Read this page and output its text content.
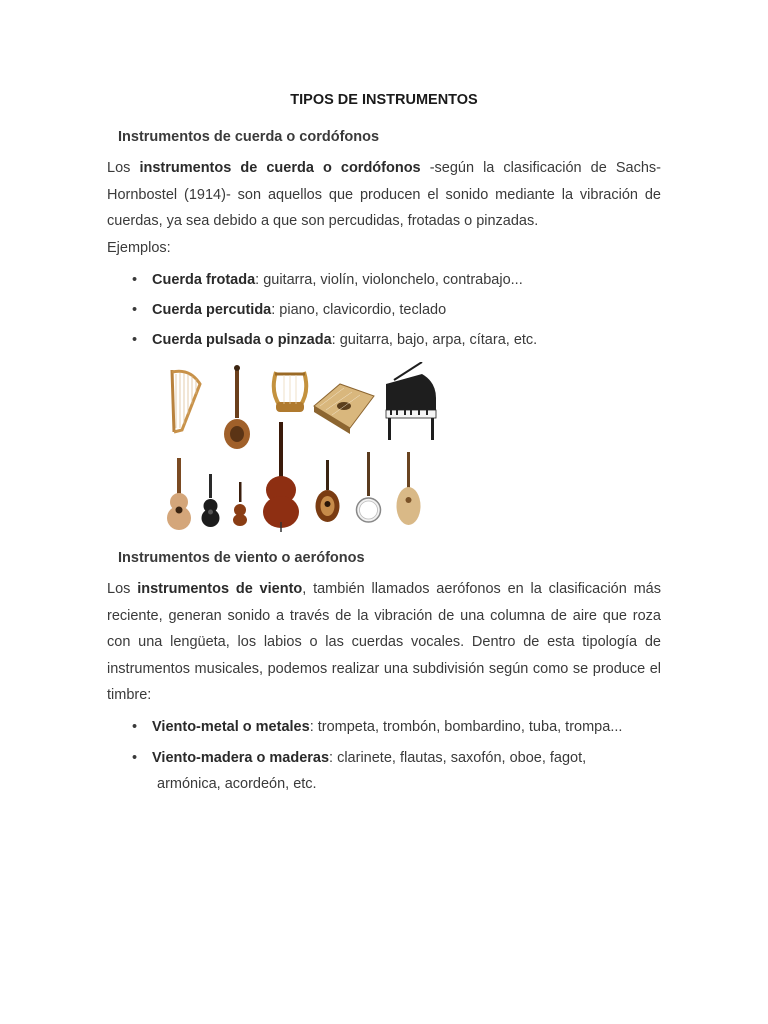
TIPOS DE INSTRUMENTOS
Instrumentos de cuerda o cordófonos

Los instrumentos de cuerda o cordófonos -según la clasificación de Sachs-Hornbostel (1914)- son aquellos que producen el sonido mediante la vibración de cuerdas, ya sea debido a que son percudidas, frotadas o pinzadas.
Ejemplos:

• Cuerda frotada: guitarra, violín, violonchelo, contrabajo...
• Cuerda percutida: piano, clavicordio, teclado
• Cuerda pulsada o pinzada: guitarra, bajo, arpa, cítara, etc.
Instrumentos de viento o aerófonos

Los instrumentos de viento, también llamados aerófonos en la clasificación más reciente, generan sonido a través de la vibración de una columna de aire que roza con una lengüeta, los labios o las cuerdas vocales. Dentro de esta tipología de instrumentos musicales, podemos realizar una subdivisión según como se produce el timbre:

• Viento-metal o metales: trompeta, trombón, bombardino, tuba, trompa...
• Viento-madera o maderas: clarinete, flautas, saxofón, oboe, fagot,
armónica, acordeón, etc.
